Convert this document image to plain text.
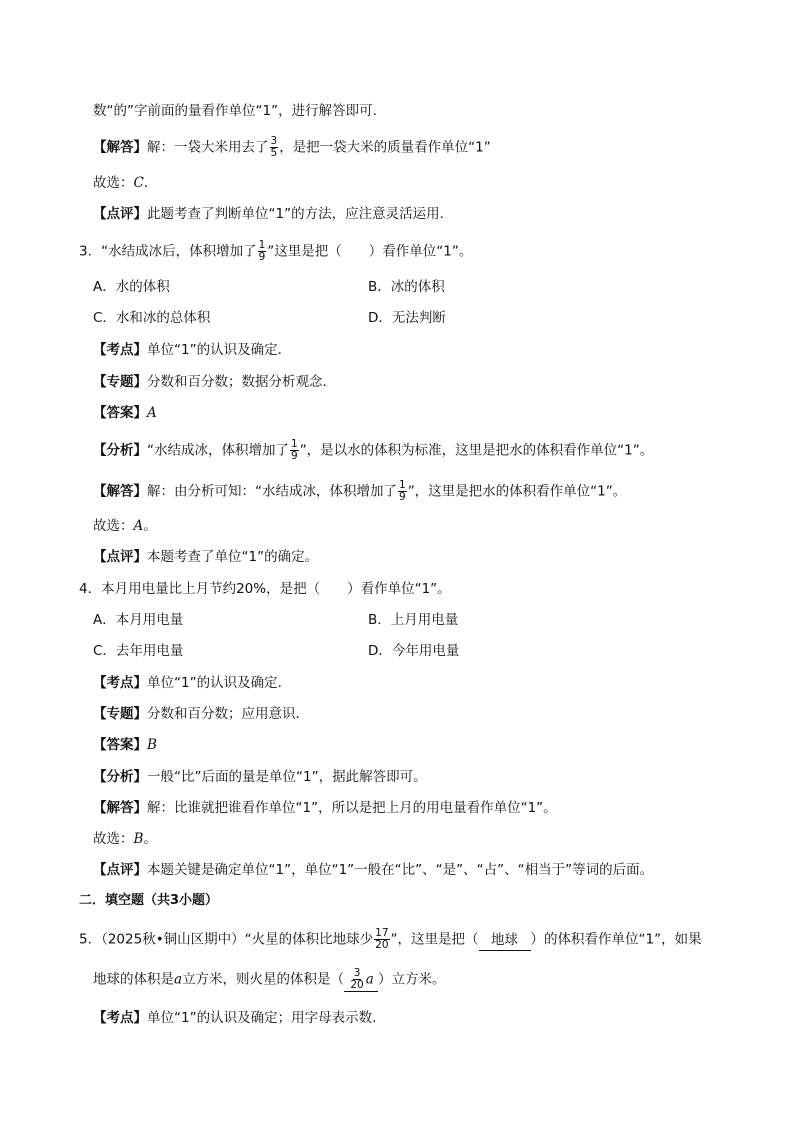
数“的”字前面的量看作单位“1”，进行解答即可．
【解答】解：一袋大米用去了 $\frac{3}{5}$ ，是把一袋大米的质量看作单位“1”
故选：C．
【点评】此题考查了判断单位“1”的方法，应注意灵活运用．
3．“水结成冰后，体积增加了 $\frac{1}{9}$ ”这里是把（　　）看作单位“1”。
A．水的体积	B．冰的体积
C．水和冰的总体积	D．无法判断
【考点】单位“1”的认识及确定．
【专题】分数和百分数；数据分析观念．
【答案】A
【分析】“水结成冰，体积增加了 $\frac{1}{9}$ ”，是以水的体积为标准，这里是把水的体积看作单位“1”。
【解答】解：由分析可知：“水结成冰，体积增加了 $\frac{1}{9}$ ”，这里是把水的体积看作单位“1”。
故选：A。
【点评】本题考查了单位“1”的确定。
4．本月用电量比上月节约20%，是把（　　）看作单位“1”。
A．本月用电量	B．上月用电量
C．去年用电量	D．今年用电量
【考点】单位“1”的认识及确定．
【专题】分数和百分数；应用意识．
【答案】B
【分析】一般“比”后面的量是单位“1”，据此解答即可。
【解答】解：比谁就把谁看作单位“1”，所以是把上月的用电量看作单位“1”。
故选：B。
【点评】本题关键是确定单位“1”，单位“1”一般在“比”、“是”、“占”、“相当于”等词的后面。
二．填空题（共3小题）
5．（2025秋•铜山区期中）“火星的体积比地球少 $\frac{17}{20}$ ”，这里是把（ 地球 ）的体积看作单位“1”，如果
地球的体积是a立方米，则火星的体积是（ $\frac{3}{20}$ a ）立方米。
【考点】单位“1”的认识及确定；用字母表示数．
